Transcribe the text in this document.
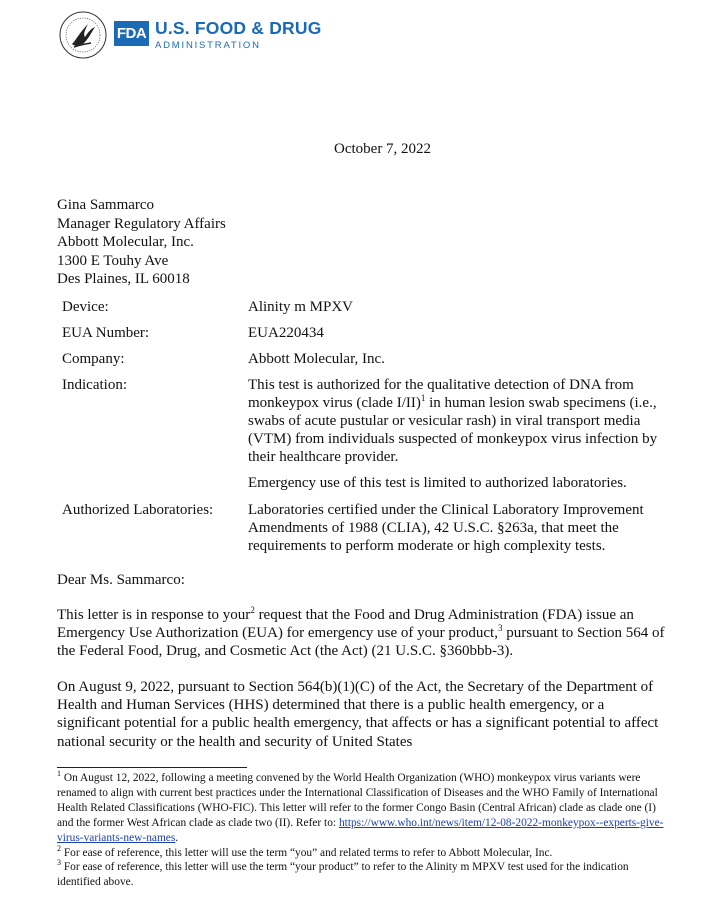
FDA U.S. FOOD & DRUG
ADMINISTRATION
October 7, 2022
Gina Sammarco
Manager Regulatory Affairs
Abbott Molecular, Inc.
1300 E Touhy Ave
Des Plaines, IL 60018
Device:	Alinity m MPXV
EUA Number:	EUA220434
Company:	Abbott Molecular, Inc.
Indication:	This test is authorized for the qualitative detection of DNA from monkeypox virus (clade I/II)$^1$ in human lesion swab specimens (i.e., swabs of acute pustular or vesicular rash) in viral transport media (VTM) from individuals suspected of monkeypox virus infection by their healthcare provider.
Emergency use of this test is limited to authorized laboratories.

Authorized Laboratories:	Laboratories certified under the Clinical Laboratory Improvement Amendments of 1988 (CLIA), 42 U.S.C. §263a, that meet the requirements to perform moderate or high complexity tests.
Dear Ms. Sammarco:
This letter is in response to your$^2$ request that the Food and Drug Administration (FDA) issue an Emergency Use Authorization (EUA) for emergency use of your product,$^3$ pursuant to Section 564 of the Federal Food, Drug, and Cosmetic Act (the Act) (21 U.S.C. §360bbb-3).
On August 9, 2022, pursuant to Section 564(b)(1)(C) of the Act, the Secretary of the Department of Health and Human Services (HHS) determined that there is a public health emergency, or a significant potential for a public health emergency, that affects or has a significant potential to affect national security or the health and security of United States
$^1$ On August 12, 2022, following a meeting convened by the World Health Organization (WHO) monkeypox virus variants were renamed to align with current best practices under the International Classification of Diseases and the WHO Family of International Health Related Classifications (WHO-FIC). This letter will refer to the former Congo Basin (Central African) clade as clade one (I) and the former West African clade as clade two (II). Refer to: https://www.who.int/news/item/12-08-2022-monkeypox--experts-give-virus-variants-new-names.
$^2$ For ease of reference, this letter will use the term “you” and related terms to refer to Abbott Molecular, Inc.
$^3$ For ease of reference, this letter will use the term “your product” to refer to the Alinity m MPXV test used for the indication identified above.
